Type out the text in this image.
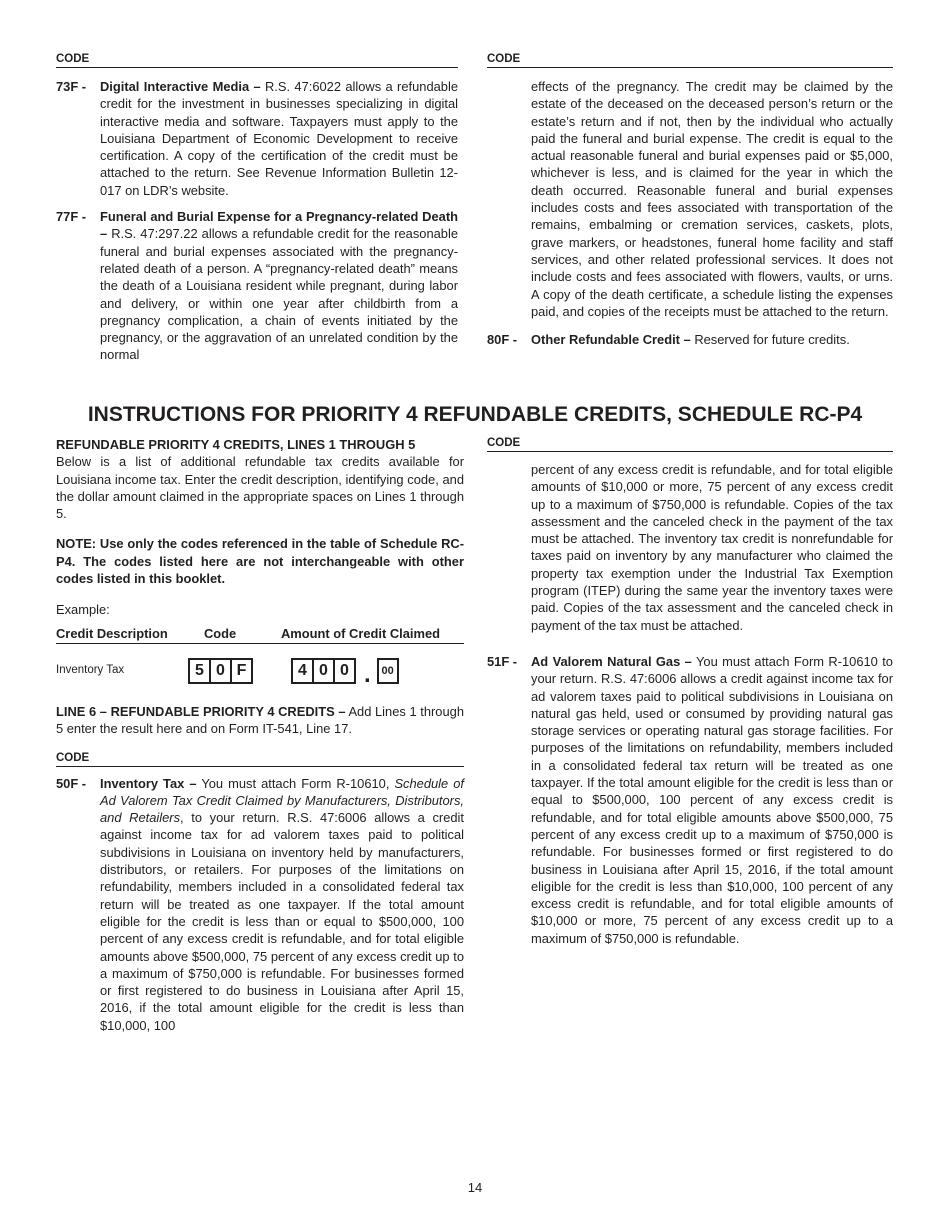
CODE
73F -	Digital Interactive Media – R.S. 47:6022 allows a refundable credit for the investment in businesses specializing in digital interactive media and software. Taxpayers must apply to the Louisiana Department of Economic Development to receive certification. A copy of the certification of the credit must be attached to the return. See Revenue Information Bulletin 12-017 on LDR’s website.
77F -	Funeral and Burial Expense for a Pregnancy-related Death – R.S. 47:297.22 allows a refundable credit for the reasonable funeral and burial expenses associated with the pregnancy-related death of a person. A “pregnancy-related death” means the death of a Louisiana resident while pregnant, during labor and delivery, or within one year after childbirth from a pregnancy complication, a chain of events initiated by the pregnancy, or the aggravation of an unrelated condition by the normal
CODE

effects of the pregnancy. The credit may be claimed by the estate of the deceased on the deceased person’s return or the estate’s return and if not, then by the individual who actually paid the funeral and burial expense. The credit is equal to the actual reasonable funeral and burial expenses paid or $5,000, whichever is less, and is claimed for the year in which the death occurred. Reasonable funeral and burial expenses includes costs and fees associated with transportation of the remains, embalming or cremation services, caskets, plots, grave markers, or headstones, funeral home facility and staff services, and other related professional services. It does not include costs and fees associated with flowers, vaults, or urns. A copy of the death certificate, a schedule listing the expenses paid, and copies of the receipts must be attached to the return.

80F -	Other Refundable Credit – Reserved for future credits.
INSTRUCTIONS FOR PRIORITY 4 REFUNDABLE CREDITS, SCHEDULE RC-P4
REFUNDABLE PRIORITY 4 CREDITS, LINES 1 THROUGH 5

Below is a list of additional refundable tax credits available for Louisiana income tax. Enter the credit description, identifying code, and the dollar amount claimed in the appropriate spaces on Lines 1 through 5.

NOTE: Use only the codes referenced in the table of Schedule RC-P4. The codes listed here are not interchangeable with other codes listed in this booklet.

Example:
Credit Description	Code	Amount of Credit Claimed
Inventory Tax	5 0 F	4 0 0 . 00

LINE 6 – REFUNDABLE PRIORITY 4 CREDITS – Add Lines 1 through 5 enter the result here and on Form IT-541, Line 17.

CODE
50F -	Inventory Tax – You must attach Form R-10610, Schedule of Ad Valorem Tax Credit Claimed by Manufacturers, Distributors, and Retailers, to your return. R.S. 47:6006 allows a credit against income tax for ad valorem taxes paid to political subdivisions in Louisiana on inventory held by manufacturers, distributors, or retailers. For purposes of the limitations on refundability, members included in a consolidated federal tax return will be treated as one taxpayer. If the total amount eligible for the credit is less than or equal to $500,000, 100 percent of any excess credit is refundable, and for total eligible amounts above $500,000, 75 percent of any excess credit up to a maximum of $750,000 is refundable. For businesses formed or first registered to do business in Louisiana after April 15, 2016, if the total amount eligible for the credit is less than $10,000, 100
CODE

percent of any excess credit is refundable, and for total eligible amounts of $10,000 or more, 75 percent of any excess credit up to a maximum of $750,000 is refundable. Copies of the tax assessment and the canceled check in the payment of the tax must be attached. The inventory tax credit is nonrefundable for taxes paid on inventory by any manufacturer who claimed the property tax exemption under the Industrial Tax Exemption program (ITEP) during the same year the inventory taxes were paid. Copies of the tax assessment and the canceled check in payment of the tax must be attached.

51F -	Ad Valorem Natural Gas – You must attach Form R-10610 to your return. R.S. 47:6006 allows a credit against income tax for ad valorem taxes paid to political subdivisions in Louisiana on natural gas held, used or consumed by providing natural gas storage services or operating natural gas storage facilities. For purposes of the limitations on refundability, members included in a consolidated federal tax return will be treated as one taxpayer. If the total amount eligible for the credit is less than or equal to $500,000, 100 percent of any excess credit is refundable, and for total eligible amounts above $500,000, 75 percent of any excess credit up to a maximum of $750,000 is refundable. For businesses formed or first registered to do business in Louisiana after April 15, 2016, if the total amount eligible for the credit is less than $10,000, 100 percent of any excess credit is refundable, and for total eligible amounts of $10,000 or more, 75 percent of any excess credit up to a maximum of $750,000 is refundable.
14
